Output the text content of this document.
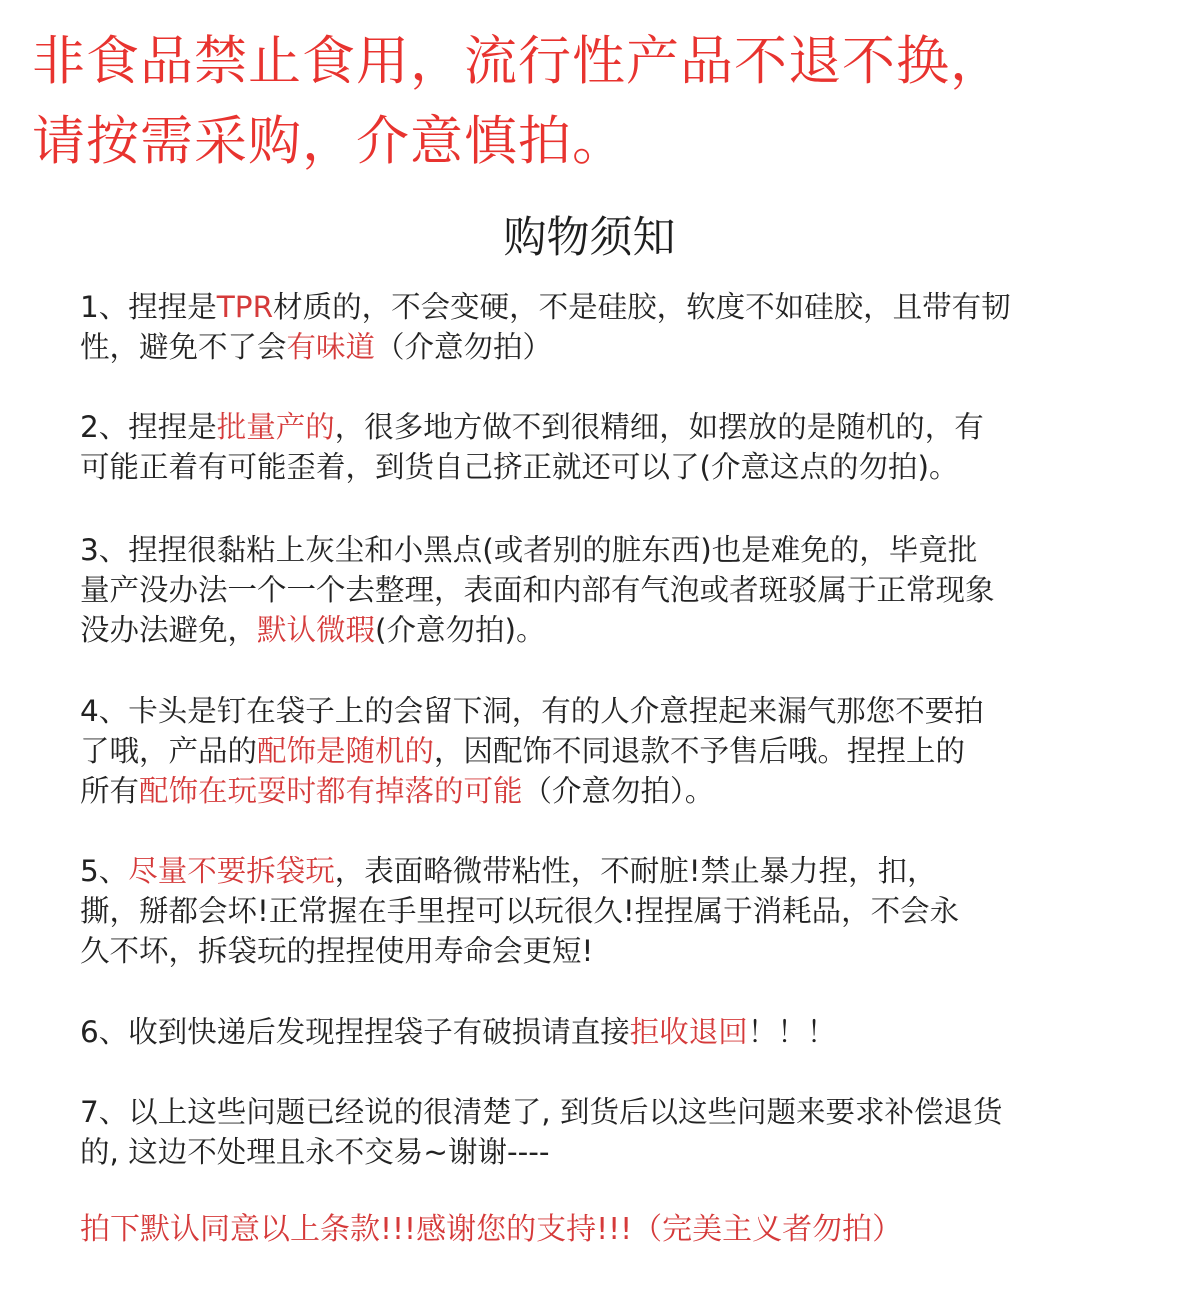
非食品禁止食用，流行性产品不退不换，
请按需采购，介意慎拍。
购物须知
1、捏捏是TPR材质的，不会变硬，不是硅胶，软度不如硅胶，且带有韧
性，避免不了会有味道（介意勿拍）
2、捏捏是批量产的，很多地方做不到很精细，如摆放的是随机的，有
可能正着有可能歪着，到货自己挤正就还可以了(介意这点的勿拍)。
3、捏捏很黏粘上灰尘和小黑点(或者别的脏东西)也是难免的，毕竟批
量产没办法一个一个去整理，表面和内部有气泡或者斑驳属于正常现象
没办法避免，默认微瑕(介意勿拍)。
4、卡头是钉在袋子上的会留下洞，有的人介意捏起来漏气那您不要拍
了哦，产品的配饰是随机的，因配饰不同退款不予售后哦。捏捏上的
所有配饰在玩耍时都有掉落的可能（介意勿拍）。
5、尽量不要拆袋玩，表面略微带粘性，不耐脏!禁止暴力捏，扣，
撕，掰都会坏!正常握在手里捏可以玩很久!捏捏属于消耗品，不会永
久不坏，拆袋玩的捏捏使用寿命会更短!
6、收到快递后发现捏捏袋子有破损请直接拒收退回！！！
7、以上这些问题已经说的很清楚了, 到货后以这些问题来要求补偿退货
的, 这边不处理且永不交易~谢谢----
拍下默认同意以上条款!!!感谢您的支持!!!（完美主义者勿拍）
